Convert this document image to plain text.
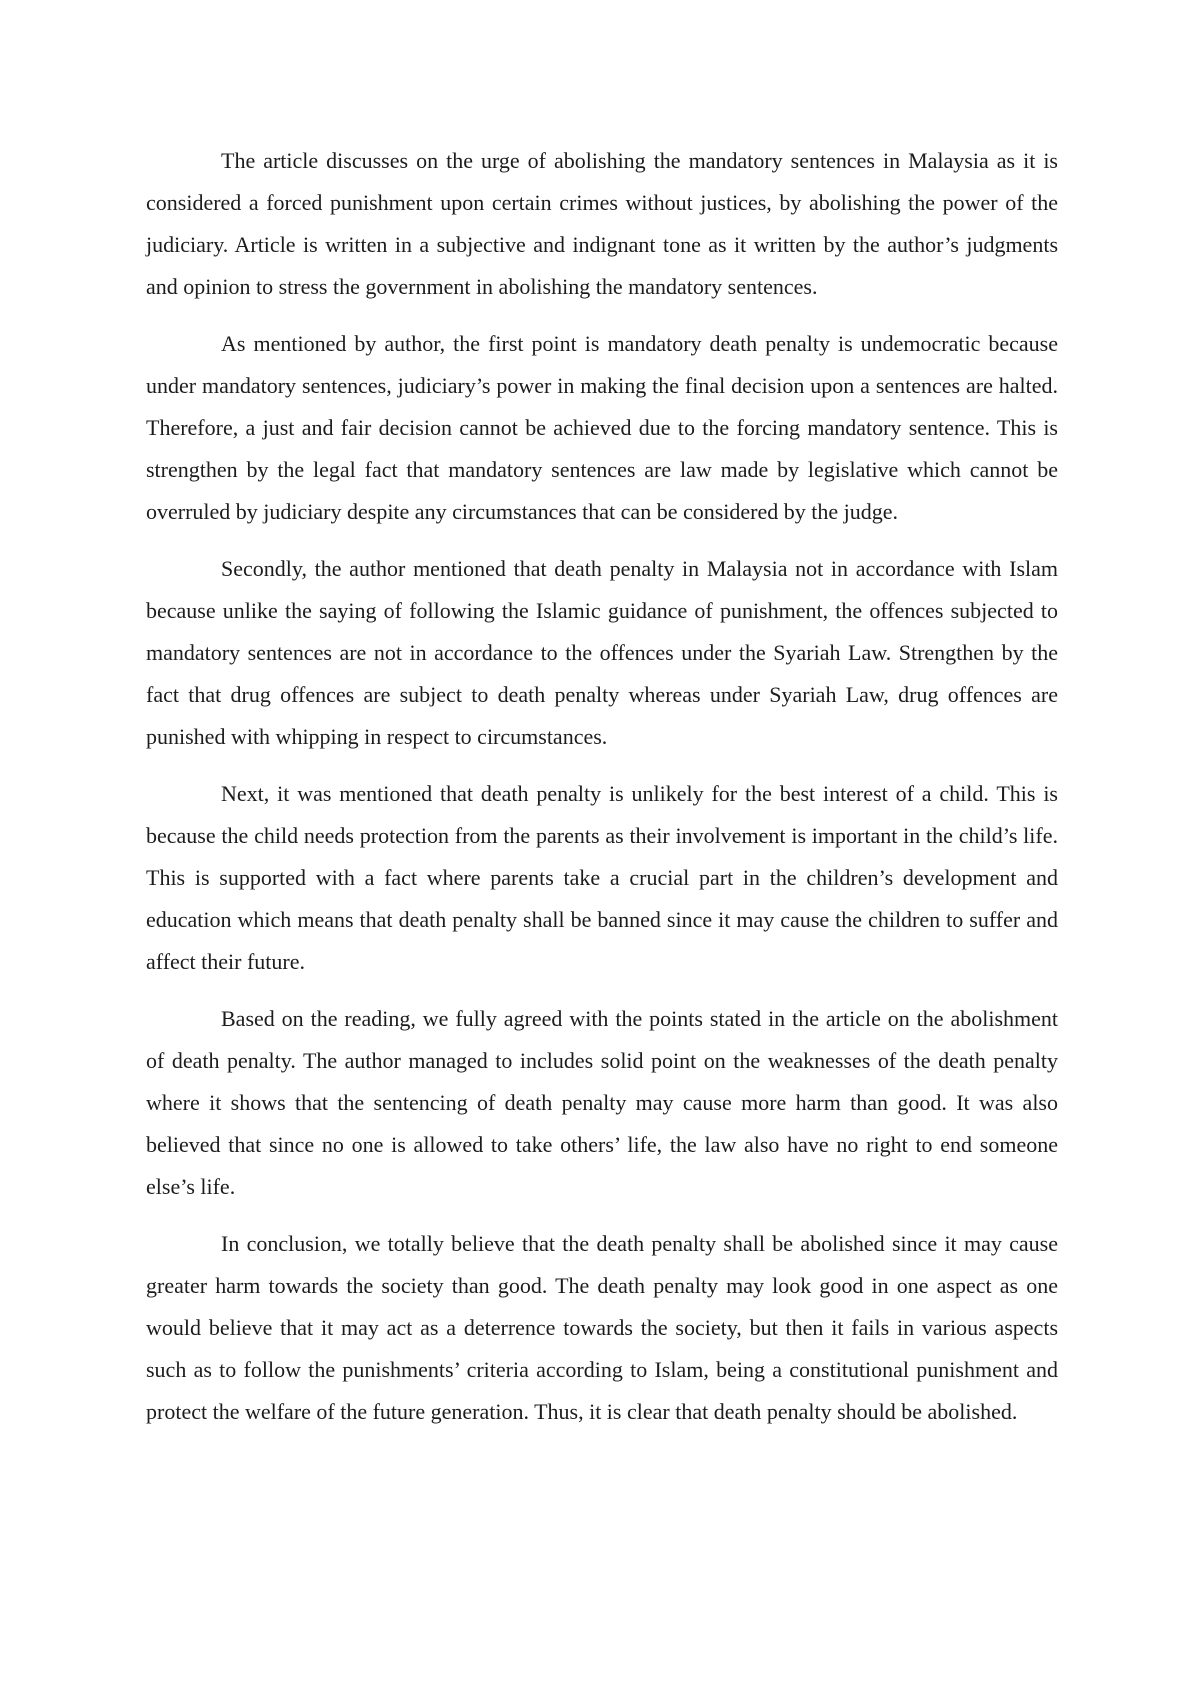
The article discusses on the urge of abolishing the mandatory sentences in Malaysia as it is considered a forced punishment upon certain crimes without justices, by abolishing the power of the judiciary. Article is written in a subjective and indignant tone as it written by the author’s judgments and opinion to stress the government in abolishing the mandatory sentences.

As mentioned by author, the first point is mandatory death penalty is undemocratic because under mandatory sentences, judiciary’s power in making the final decision upon a sentences are halted. Therefore, a just and fair decision cannot be achieved due to the forcing mandatory sentence. This is strengthen by the legal fact that mandatory sentences are law made by legislative which cannot be overruled by judiciary despite any circumstances that can be considered by the judge.

Secondly, the author mentioned that death penalty in Malaysia not in accordance with Islam because unlike the saying of following the Islamic guidance of punishment, the offences subjected to mandatory sentences are not in accordance to the offences under the Syariah Law. Strengthen by the fact that drug offences are subject to death penalty whereas under Syariah Law, drug offences are punished with whipping in respect to circumstances.

Next, it was mentioned that death penalty is unlikely for the best interest of a child. This is because the child needs protection from the parents as their involvement is important in the child’s life. This is supported with a fact where parents take a crucial part in the children’s development and education which means that death penalty shall be banned since it may cause the children to suffer and affect their future.

Based on the reading, we fully agreed with the points stated in the article on the abolishment of death penalty. The author managed to includes solid point on the weaknesses of the death penalty where it shows that the sentencing of death penalty may cause more harm than good. It was also believed that since no one is allowed to take others’ life, the law also have no right to end someone else’s life.

In conclusion, we totally believe that the death penalty shall be abolished since it may cause greater harm towards the society than good. The death penalty may look good in one aspect as one would believe that it may act as a deterrence towards the society, but then it fails in various aspects such as to follow the punishments’ criteria according to Islam, being a constitutional punishment and protect the welfare of the future generation. Thus, it is clear that death penalty should be abolished.
